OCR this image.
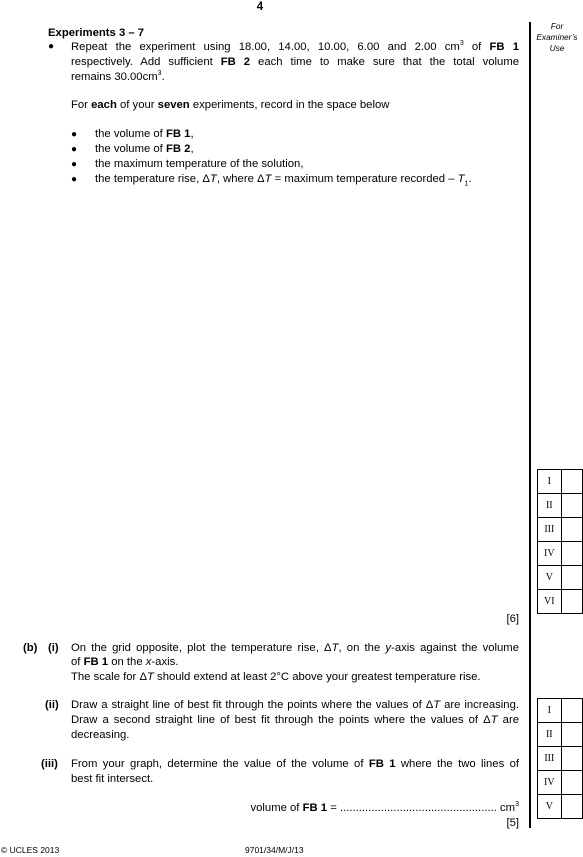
4
For
Examiner’s
Use
Experiments 3 – 7
● Repeat the experiment using 18.00, 14.00, 10.00, 6.00 and 2.00 $cm^3$ of FB 1
respectively. Add sufficient FB 2 each time to make sure that the total volume
remains $30.00cm^3$.
For each of your seven experiments, record in the space below
● the volume of FB 1,
● the volume of FB 2,
● the maximum temperature of the solution,
● the temperature rise, ΔT, where ΔT = maximum temperature recorded – $T_1$.
I	
II	
III	
IV	
V	
VI	
[6]
(b) (i) On the grid opposite, plot the temperature rise, ΔT, on the y-axis against the volume
of FB 1 on the x-axis.
The scale for ΔT should extend at least 2°C above your greatest temperature rise.
(ii) Draw a straight line of best fit through the points where the values of ΔT are increasing.
Draw a second straight line of best fit through the points where the values of ΔT are
decreasing.
(iii) From your graph, determine the value of the volume of FB 1 where the two lines of
best fit intersect.
volume of FB 1 = .................................................. $cm^3$
[5]
I	
II	
III	
IV	
V	
© UCLES 2013	9701/34/M/J/13
